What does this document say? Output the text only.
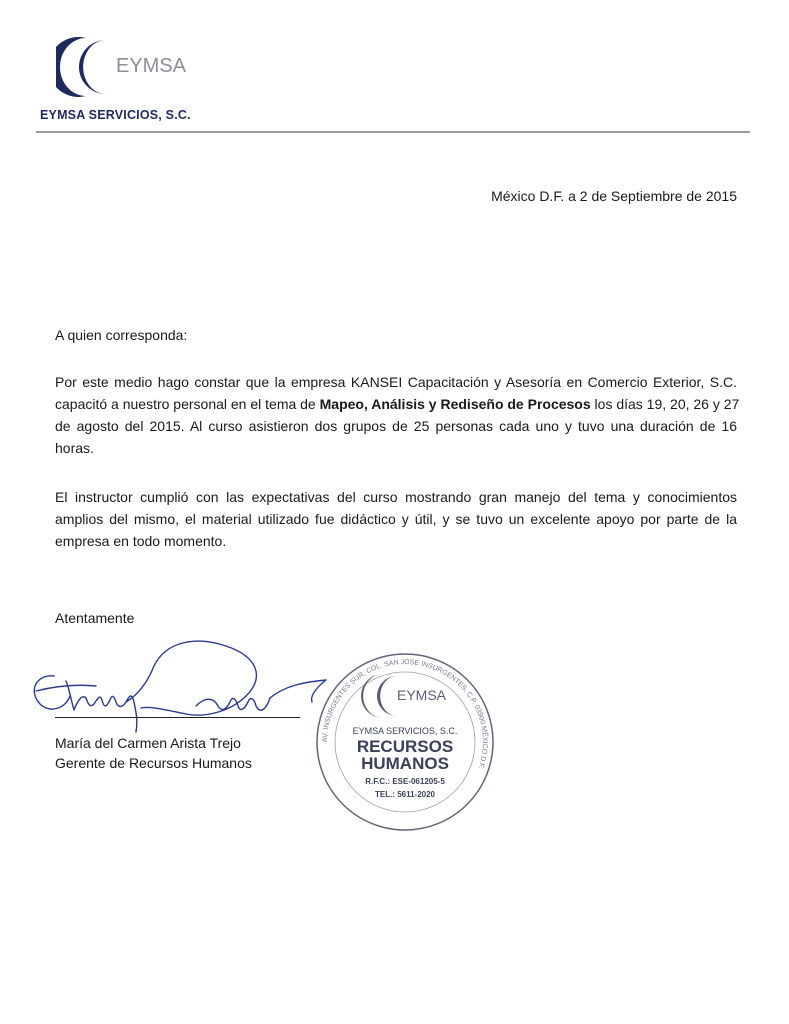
EYMSA
EYMSA SERVICIOS, S.C.
México D.F. a 2 de Septiembre de 2015
A quien corresponda:
Por este medio hago constar que la empresa KANSEI Capacitación y Asesoría en Comercio Exterior, S.C.
capacitó a nuestro personal en el tema de Mapeo, Análisis y Rediseño de Procesos los días 19, 20, 26 y 27
de agosto del 2015. Al curso asistieron dos grupos de 25 personas cada uno y tuvo una duración de 16
horas.
El instructor cumplió con las expectativas del curso mostrando gran manejo del tema y conocimientos
amplios del mismo, el material utilizado fue didáctico y útil, y se tuvo un excelente apoyo por parte de la
empresa en todo momento.
Atentamente
María del Carmen Arista Trejo
Gerente de Recursos Humanos
AV. INSURGENTES SUR, COL. SAN JOSE INSURGENTES, C.P. 03900 MÉXICO D.F.
EYMSA
EYMSA SERVICIOS, S.C.
RECURSOS
HUMANOS
R.F.C.: ESE-061205-5
TEL.: 5611-2020
